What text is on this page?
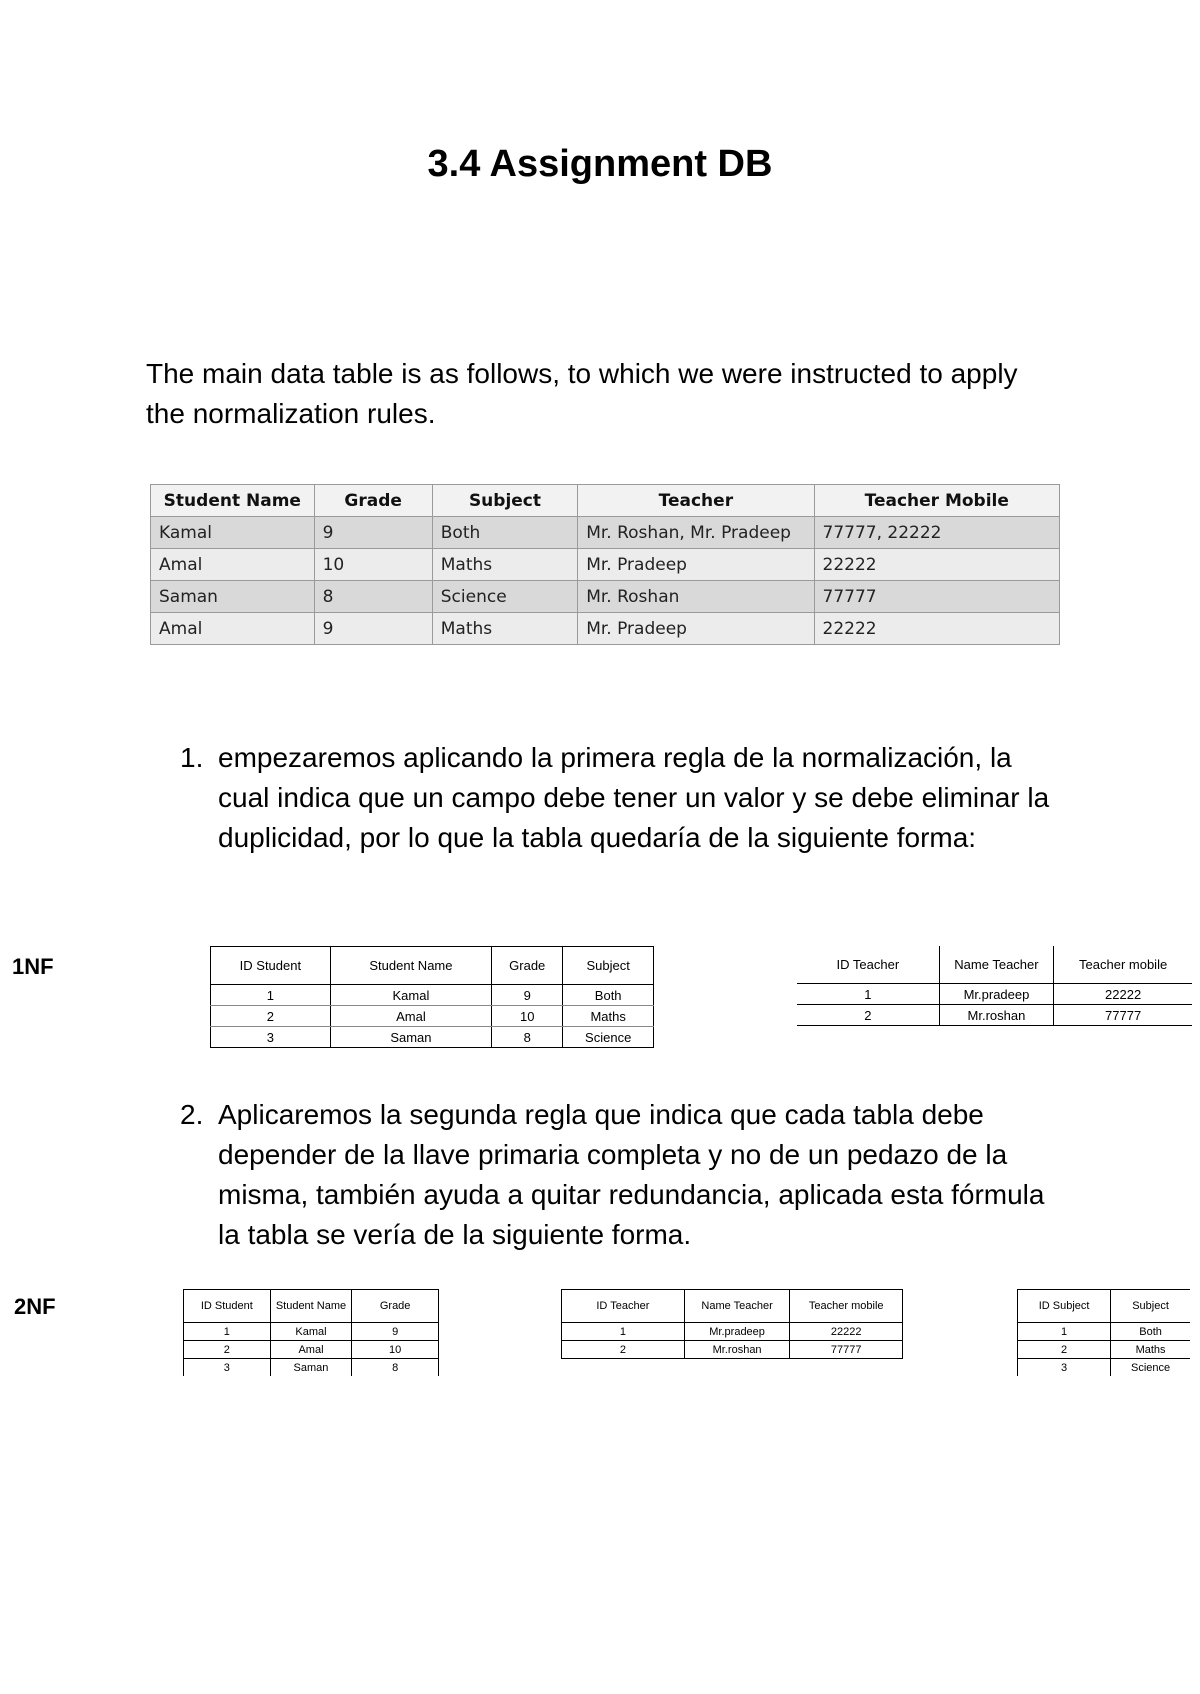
3.4 Assignment DB

The main data table is as follows, to which we were instructed to apply the normalization rules.

Student Name	Grade	Subject	Teacher	Teacher Mobile
Kamal	9	Both	Mr. Roshan, Mr. Pradeep	77777, 22222
Amal	10	Maths	Mr. Pradeep	22222
Saman	8	Science	Mr. Roshan	77777
Amal	9	Maths	Mr. Pradeep	22222
1. empezaremos aplicando la primera regla de la normalización, la cual indica que un campo debe tener un valor y se debe eliminar la duplicidad, por lo que la tabla quedaría de la siguiente forma:
1NF	ID Student	Student Name	Grade	Subject
1	Kamal	9	Both
2	Amal	10	Maths
3	Saman	8	Science
ID Teacher	Name Teacher	Teacher mobile
1	Mr.pradeep	22222
2	Mr.roshan	77777
2. Aplicaremos la segunda regla que indica que cada tabla debe depender de la llave primaria completa y no de un pedazo de la misma, también ayuda a quitar redundancia, aplicada esta fórmula la tabla se vería de la siguiente forma.
2NF	ID Student	Student Name	Grade
1	Kamal	9
2	Amal	10
3	Saman	8
ID Teacher	Name Teacher	Teacher mobile
1	Mr.pradeep	22222
2	Mr.roshan	77777
ID Subject	Subject
1	Both
2	Maths
3	Science
